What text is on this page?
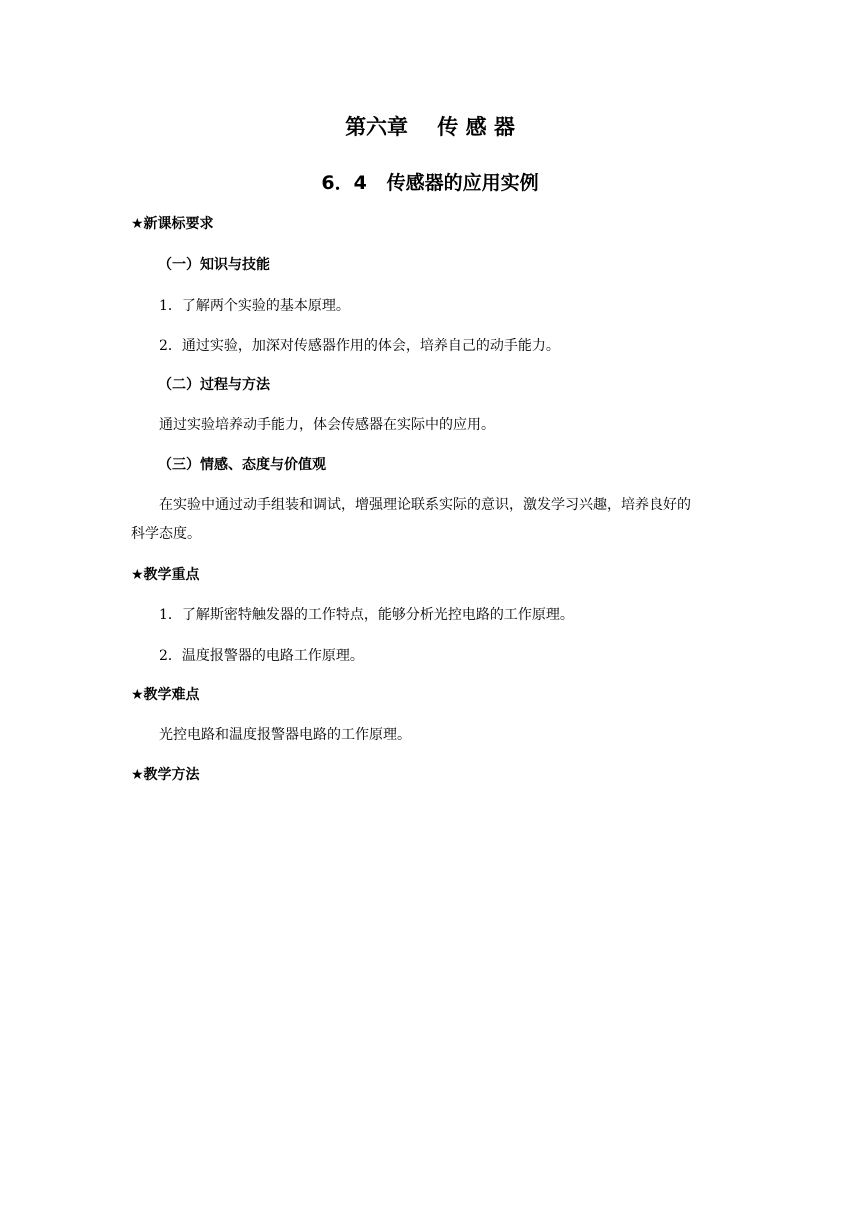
第六章    传 感 器
6．4   传感器的应用实例
★新课标要求
（一）知识与技能
1．了解两个实验的基本原理。
2．通过实验，加深对传感器作用的体会，培养自己的动手能力。
（二）过程与方法
通过实验培养动手能力，体会传感器在实际中的应用。
（三）情感、态度与价值观
在实验中通过动手组装和调试，增强理论联系实际的意识，激发学习兴趣，培养良好的
科学态度。
★教学重点
1．了解斯密特触发器的工作特点，能够分析光控电路的工作原理。
2．温度报警器的电路工作原理。
★教学难点
光控电路和温度报警器电路的工作原理。
★教学方法
